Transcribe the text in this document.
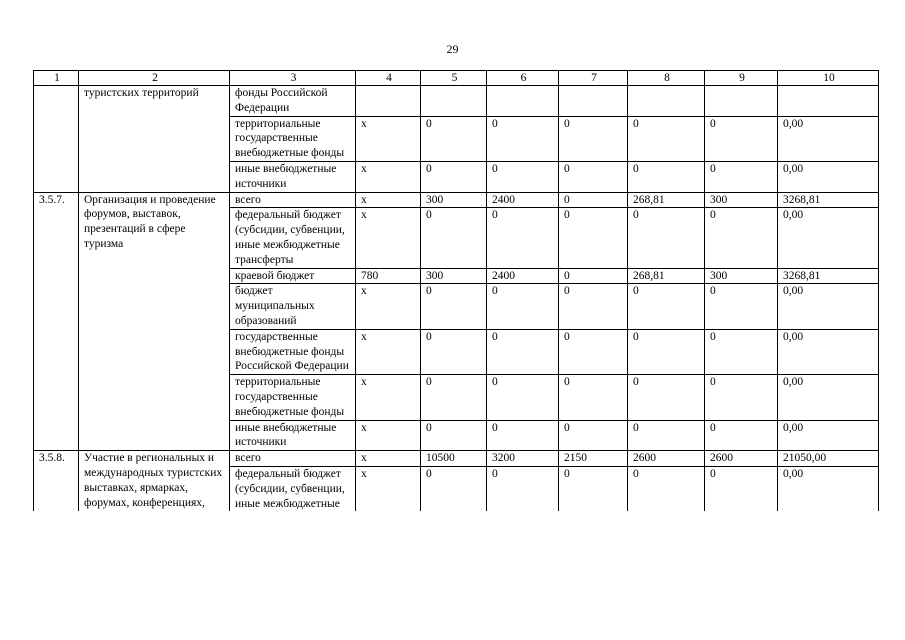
29
1	2	3	4	5	6	7	8	9	10
	туристских территорий	фонды Российской Федерации							
		территориальные государственные внебюджетные фонды	х	0	0	0	0	0	0,00
		иные внебюджетные источники	х	0	0	0	0	0	0,00
3.5.7.	Организация и проведение форумов, выставок, презентаций в сфере туризма	всего	х	300	2400	0	268,81	300	3268,81
		федеральный бюджет (субсидии, субвенции, иные межбюджетные трансферты	х	0	0	0	0	0	0,00
		краевой бюджет	780	300	2400	0	268,81	300	3268,81
		бюджет муниципальных образований	х	0	0	0	0	0	0,00
		государственные внебюджетные фонды Российской Федерации	х	0	0	0	0	0	0,00
		территориальные государственные внебюджетные фонды	х	0	0	0	0	0	0,00
		иные внебюджетные источники	х	0	0	0	0	0	0,00
3.5.8.	Участие в региональных и международных туристских выставках, ярмарках, форумах, конференциях,	всего	х	10500	3200	2150	2600	2600	21050,00
		федеральный бюджет (субсидии, субвенции, иные межбюджетные	х	0	0	0	0	0	0,00
